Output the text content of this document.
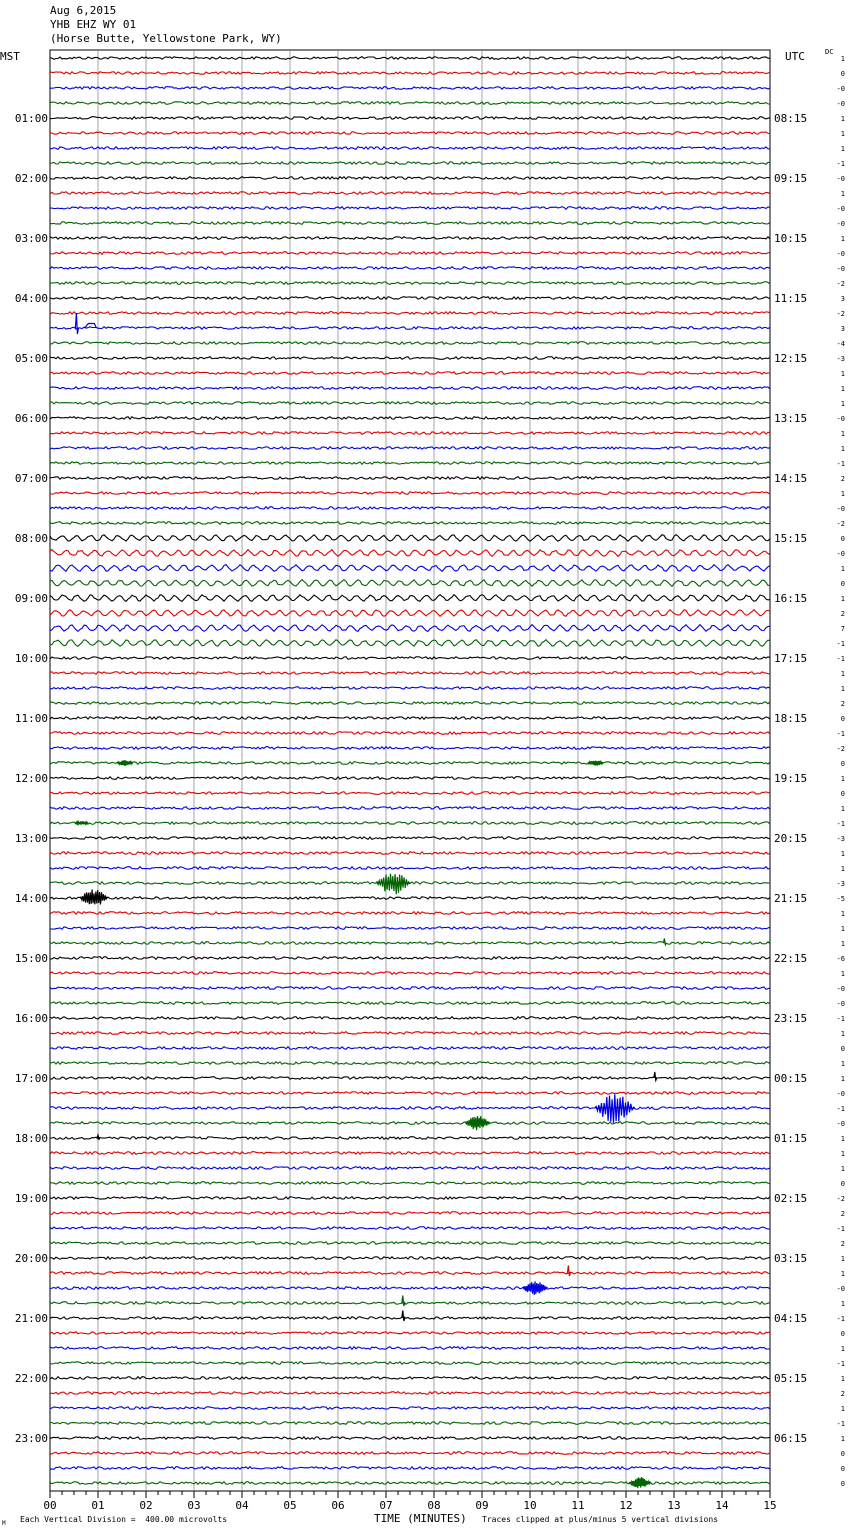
Aug 6,2015
YHB EHZ WY 01
(Horse Butte, Yellowstone Park, WY)
MST	UTC	DC
00	01	02	03	04	05	06	07	08	09	10	11	12	13	14	15
01:00
02:00
03:00
04:00
05:00
06:00
07:00
08:00
09:00
10:00
11:00
12:00
13:00
14:00
15:00
16:00
17:00
18:00
19:00
20:00
21:00
22:00
23:00
08:15
09:15
10:15
11:15
12:15
13:15
14:15
15:15
16:15
17:15
18:15
19:15
20:15
21:15
22:15
23:15
00:15
01:15
02:15
03:15
04:15
05:15
06:15
1
0
-0
-0
1
1
1
-1
-0
1
-0
-0
1
-0
-0
-2
3
-2
3
-4
-3
1
1
1
-0
1
1
-1
2
1
-0
-2
0
-0
1
0
1
2
7
-1
-1
1
1
2
0
-1
-2
0
1
0
1
-1
-3
1
1
-3
-5
1
1
1
-6
1
-0
-0
-1
1
0
1
1
-0
-1
-0
1
1
1
0
-2
2
-1
2
1
1
-0
1
-1
0
1
-1
1
2
1
-1
1
0
0
0
M Each Vertical Division =  400.00 microvolts	TIME (MINUTES) Traces clipped at plus/minus 5 vertical divisions
